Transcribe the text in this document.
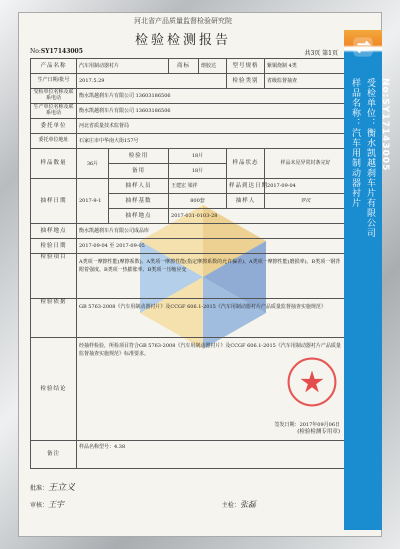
河北省产品质量监督检验研究院
检验检测报告
No:SY17143005	共3页 第1页
产品名称	汽车用制动器衬片		商标	熔胶达	型号规格	紫铜烧制 4类
生产日期/批号	2017.5.29				检验类别	省级监督抽查
受检单位名称及联系电话	衡水凯越刹车片有限公司 13603186506					
生产单位名称及联系电话	衡水凯越刹车片有限公司 13603186506					
委托单位	河北省质量技术监督局					
委托单位地址	石家庄市中华南大街157号					
样品数量	36片	检验用	18片		样品状态	样品未见异常封条完好
		备用	18片			
抽样日期	2017-9-1	抽样人员	王建宏 梁祥		样品到达日期	2017-09-04
		抽样基数	800套		抽样人	罗庆
		抽样地点	2017-031-0103-28			
抽样地点	衡水凯越刹车片有限公司成品库					
检验日期	2017-09-04 至 2017-09-05					
检验项目	A类项一摩擦性能(摩擦系数)、A类项一摩擦性能(指定摩擦系数的允许偏差)、A类项一摩擦性能(磨损率)、B类项一钢背附着强度、B类项一热膨胀率、B类项一压缩应变					
检验依据	GB 5763-2008《汽车用制动器衬片》及CCGF 606.1-2015《汽车用制动器衬片产品质量监督抽查实施规范》					
检验结论	经抽样检验，所检项目符合GB 5763-2008《汽车用制动器衬片》及CCGF 606.1-2015《汽车用制动器衬片产品质量监督抽查实施规范》标准要求。
(检验检测专用章)
签发日期：2017年09月06日					

备注	样品名称型号：4.38					
批准：王立义
审核：王宇	主检：张磊
No:SY17143005
受检单位：衡水凯越刹车片有限公司
样品名称：汽车用制动器衬片
